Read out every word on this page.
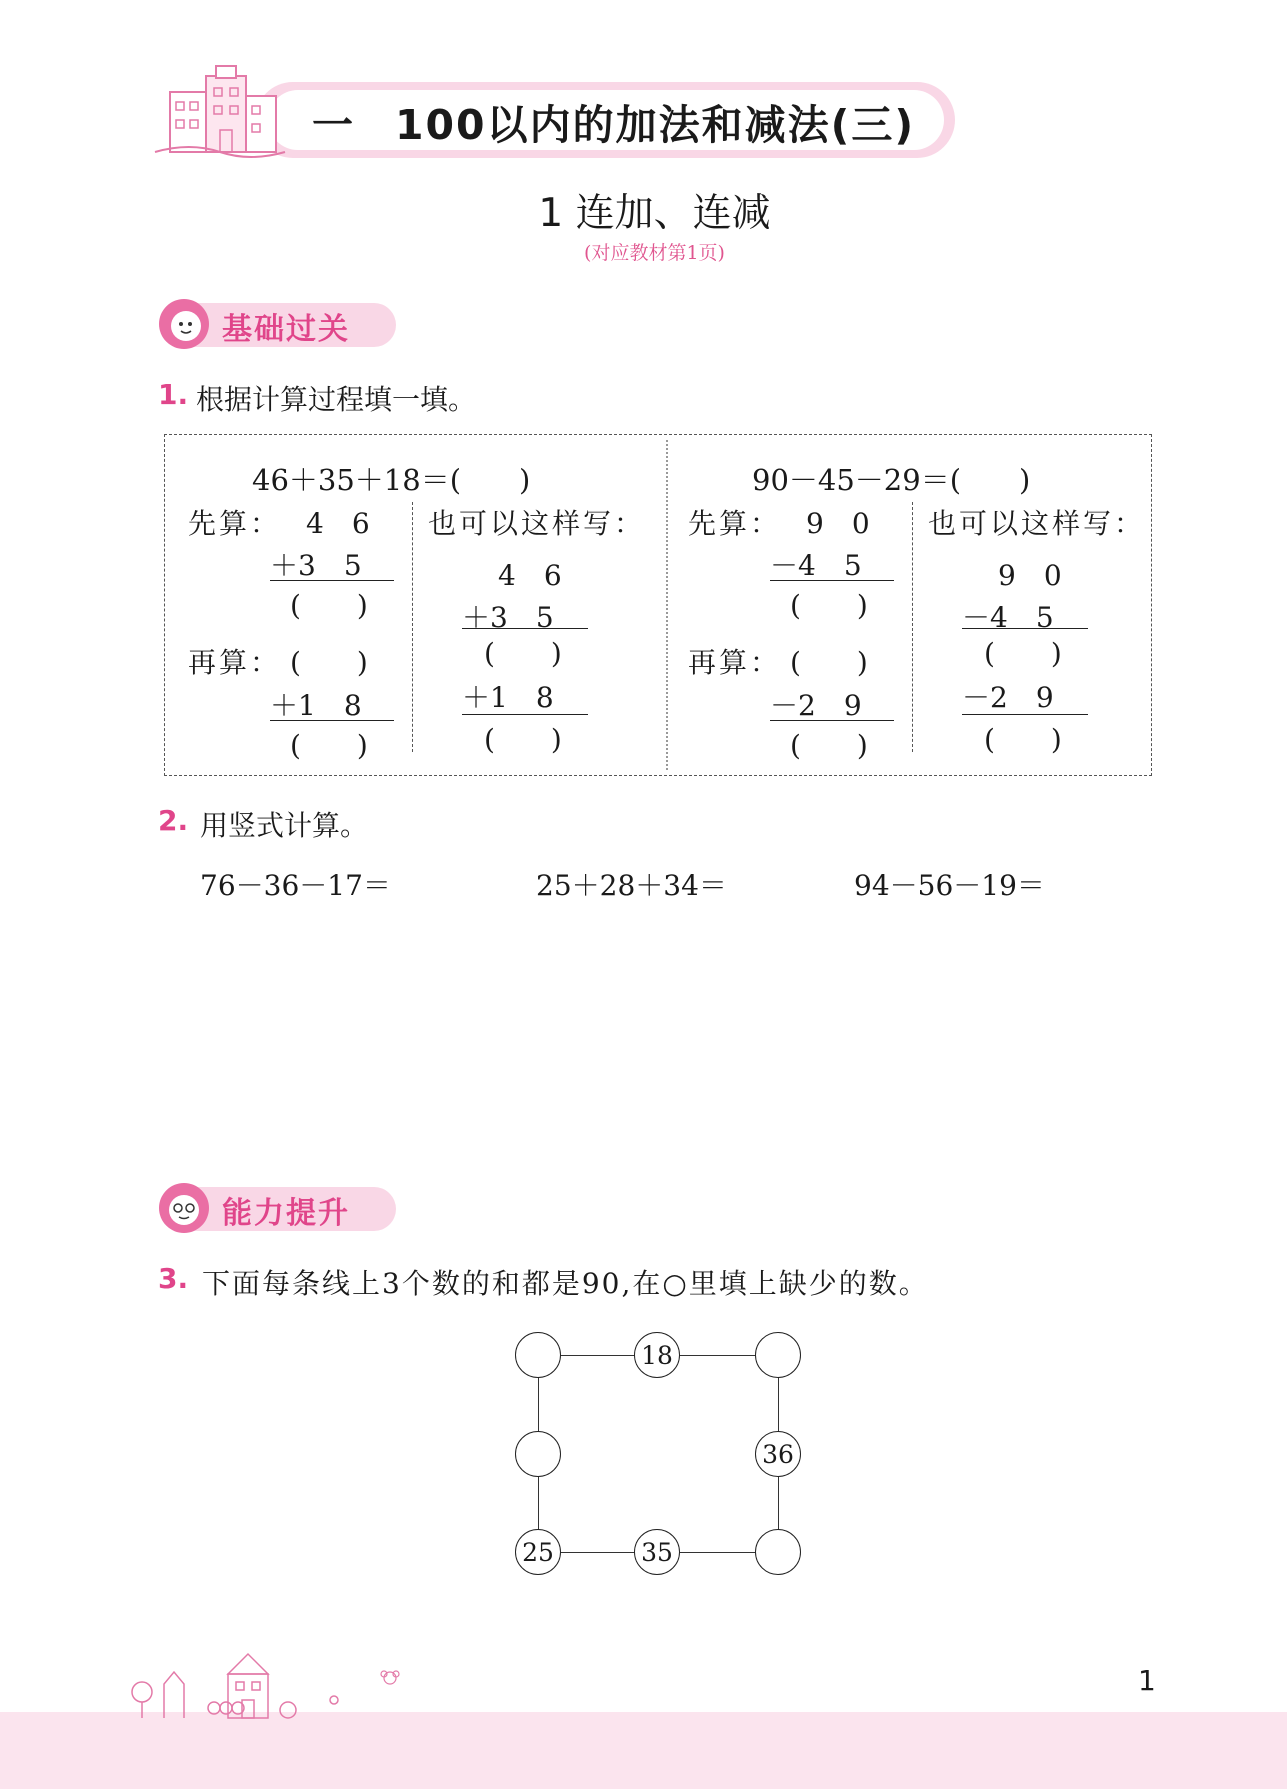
一 100以内的加法和减法(三)
1 连加、连减
(对应教材第1页)
基础过关
1. 根据计算过程填一填。
46＋35＋18＝(　　)
先算： 4　6
＋3　5
(　　)
再算： (　　)
＋1　8
(　　)
也可以这样写：
4　6
＋3　5
(　　)
＋1　8
(　　)
90－45－29＝(　　)
先算： 9　0
－4　5
(　　)
再算： (　　)
－2　9
(　　)
也可以这样写：
9　0
－4　5
(　　)
－2　9
(　　)
2. 用竖式计算。
76－36－17＝	25＋28＋34＝	94－56－19＝
能力提升
3. 下面每条线上3个数的和都是90,在○里填上缺少的数。
18
36
25	35
1
